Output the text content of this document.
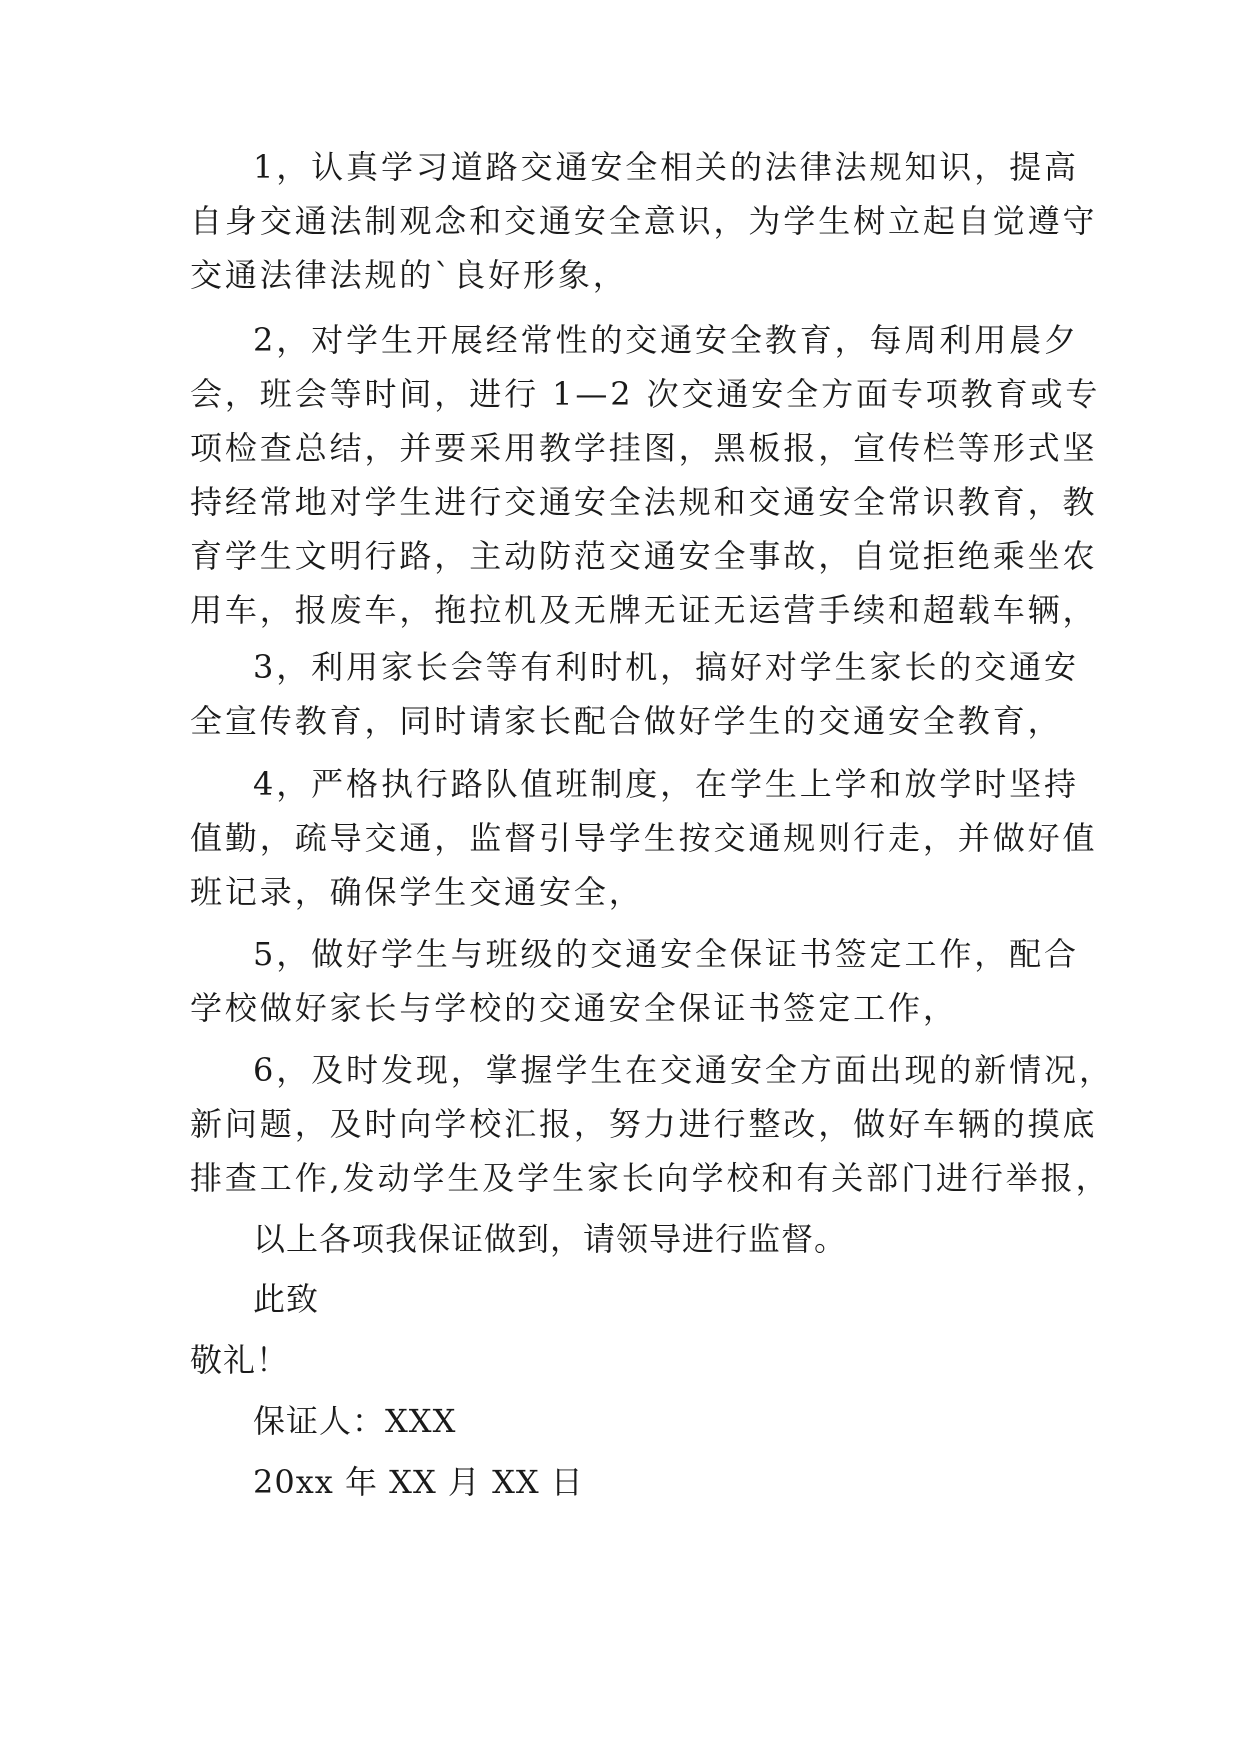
1，认真学习道路交通安全相关的法律法规知识，提高
自身交通法制观念和交通安全意识，为学生树立起自觉遵守
交通法律法规的`良好形象，
2，对学生开展经常性的交通安全教育，每周利用晨夕
会，班会等时间，进行 1—2 次交通安全方面专项教育或专
项检查总结，并要采用教学挂图，黑板报，宣传栏等形式坚
持经常地对学生进行交通安全法规和交通安全常识教育，教
育学生文明行路，主动防范交通安全事故，自觉拒绝乘坐农
用车，报废车，拖拉机及无牌无证无运营手续和超载车辆，
3，利用家长会等有利时机，搞好对学生家长的交通安
全宣传教育，同时请家长配合做好学生的交通安全教育，
4，严格执行路队值班制度，在学生上学和放学时坚持
值勤，疏导交通，监督引导学生按交通规则行走，并做好值
班记录，确保学生交通安全，
5，做好学生与班级的交通安全保证书签定工作，配合
学校做好家长与学校的交通安全保证书签定工作，
6，及时发现，掌握学生在交通安全方面出现的新情况，
新问题，及时向学校汇报，努力进行整改，做好车辆的摸底
排查工作,发动学生及学生家长向学校和有关部门进行举报，
以上各项我保证做到，请领导进行监督。
此致
敬礼！
保证人：XXX
20xx 年 XX 月 XX 日
